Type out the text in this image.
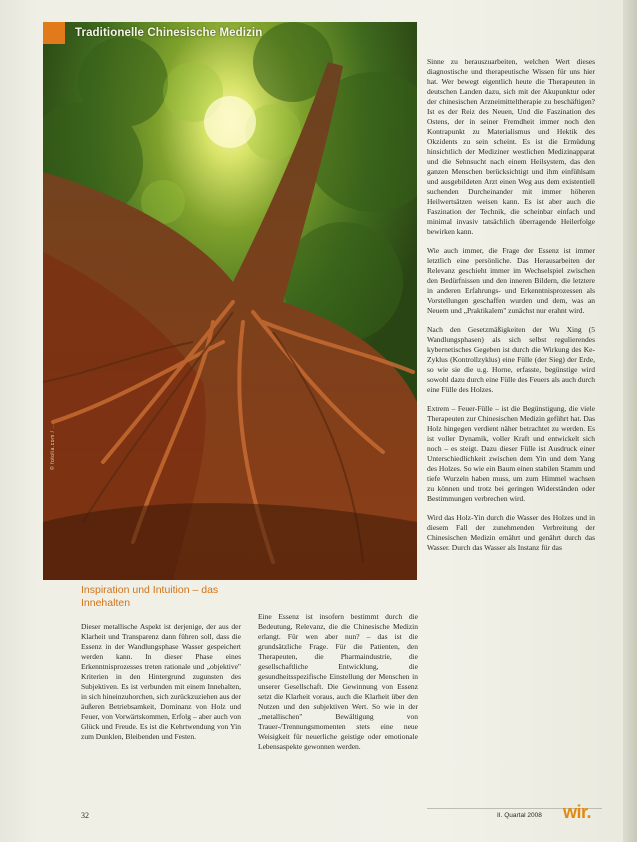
Traditionelle Chinesische Medizin
© fotolia.com / ...

Sinne zu herauszuarbeiten, welchen Wert dieses diagnostische und therapeutische Wissen für uns hier hat. Wer bewegt eigentlich heute die Therapeuten in deutschen Landen dazu, sich mit der Akupunktur oder der chinesischen Arzneimitteltherapie zu beschäftigen? Ist es der Reiz des Neuen, Und die Faszination des Ostens, der in seiner Fremdheit immer noch den Kontrapunkt zu Materialismus und Hektik des Okzidents zu sein scheint. Es ist die Ermüdung hinsichtlich der Mediziner westlichen Medizinapparat und die Sehnsucht nach einem Heilsystem, das den ganzen Menschen berücksichtigt und ihm einfühlsam und ausgebildeten Arzt einen Weg aus dem existentiell suchenden Durcheinander mit immer höheren Heilwertsätzen weisen kann. Es ist aber auch die Faszination der Technik, die scheinbar einfach und minimal invasiv tatsächlich überragende Heilerfolge bewirken kann.

Wie auch immer, die Frage der Essenz ist immer letztlich eine persönliche. Das Herausarbeiten der Relevanz geschieht immer im Wechselspiel zwischen den Bedürfnissen und den inneren Bildern, die letztere in anderen Erfahrungs- und Erkenntnisprozessen als Vorstellungen geschaffen wurden und dem, was an Neuem und „Praktikalem" zunächst nur erahnt wird.

Nach den Gesetzmäßigkeiten der Wu Xing (5 Wandlungsphasen) als sich selbst regulierendes kybernetisches Gegeben ist durch die Wirkung des Ke-Zyklus (Kontrollzyklus) eine Fülle (der Sieg) der Erde, so wie sie die u.g. Horne, erfasste, begünstige wird sowohl dazu durch eine Fülle des Feuers als auch durch eine Fülle des Holzes.

Extrem – Feuer-Fülle – ist die Begünstigung, die viele Therapeuten zur Chinesischen Medizin geführt hat. Das Holz hingegen verdient näher betrachtet zu werden. Es ist voller Dynamik, voller Kraft und entwickelt sich noch – es steigt. Dazu dieser Fülle ist Ausdruck einer Unterschiedlichkeit zwischen dem Yin und dem Yang des Holzes. So wie ein Baum einen stabilen Stamm und tiefe Wurzeln haben muss, um zum Himmel wachsen zu können und trotz bei geringen Widerständen oder Bestimmungen verbrechen wird.

Wird das Holz-Yin durch die Wasser des Holzes und in diesem Fall der zunehmenden Verbreitung der Chinesischen Medizin ernährt und genährt durch das Wasser. Durch das Wasser als Instanz für das

Inspiration und Intuition – das Innehalten

Dieser metallische Aspekt ist derjenige, der aus der Klarheit und Transparenz dann führen soll, dass die Essenz in der Wandlungsphase Wasser gespeichert werden kann. In dieser Phase eines Erkenntnisprozesses treten rationale und „objektive" Kriterien in den Hintergrund zugunsten des Subjektiven. Es ist verbunden mit einem Innehalten, in sich hineinzuhorchen, sich zurückzuziehen aus der äußeren Betriebsamkeit, Dominanz von Holz und Feuer, von Vorwärtskommen, Erfolg – aber auch von Glück und Freude. Es ist die Kehrtwendung von Yin zum Dunklen, Bleibenden und Festen.

Eine Essenz ist insofern bestimmt durch die Bedeutung, Relevanz, die die Chinesische Medizin erlangt. Für wen aber nun? – das ist die grundsätzliche Frage. Für die Patienten, den Therapeuten, die Pharmaindustrie, die gesellschaftliche Entwicklung, die gesundheitsspezifische Einstellung der Menschen in unserer Gesellschaft. Die Gewinnung von Essenz setzt die Klarheit voraus, auch die Klarheit über den Nutzen und den subjektiven Wert. So wie in der „metallischen" Bewältigung von Trauer-/Trennungsmomenten stets eine neue Weisigkeit für neuerliche geistige oder emotionale Lebensaspekte gewonnen werden.

32	II. Quartal 2008 wir.
